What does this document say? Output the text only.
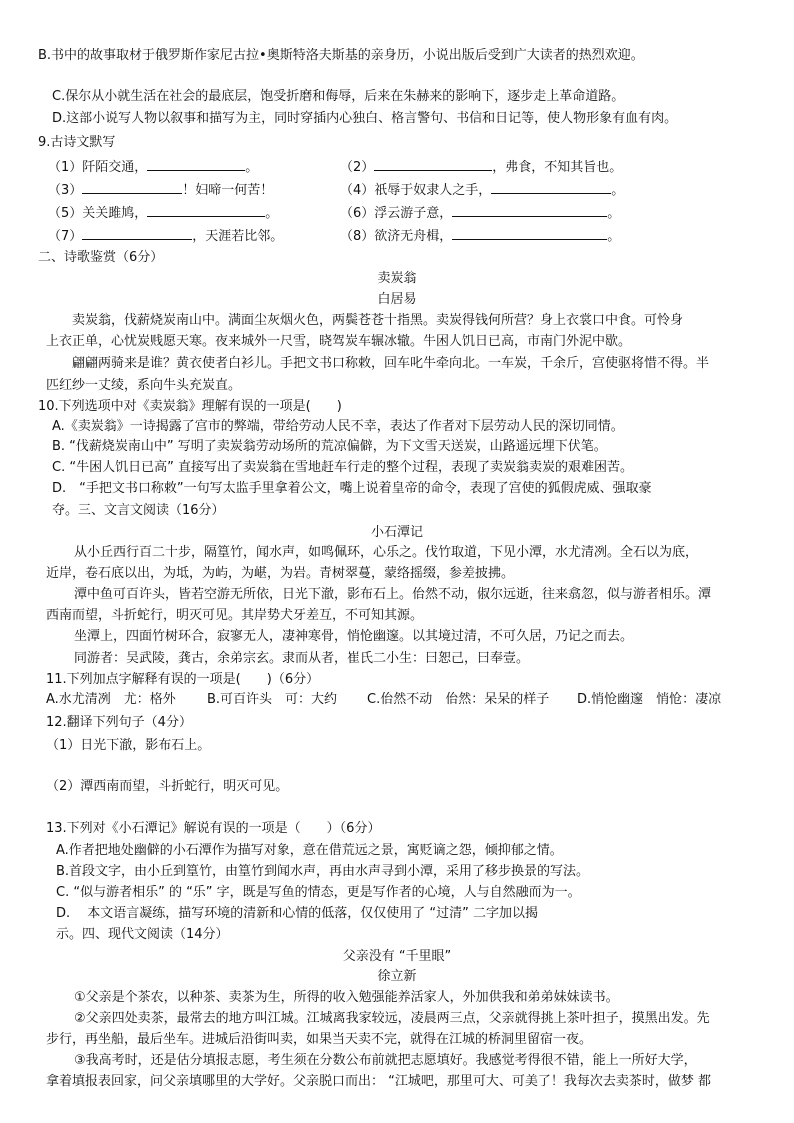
B.书中的故事取材于俄罗斯作家尼古拉•奥斯特洛夫斯基的亲身历，小说出版后受到广大读者的热烈欢迎。
C.保尔从小就生活在社会的最底层，饱受折磨和侮辱，后来在朱赫来的影响下，逐步走上革命道路。
D.这部小说写人物以叙事和描写为主，同时穿插内心独白、格言警句、书信和日记等，使人物形象有血有肉。
9.古诗文默写
（1）阡陌交通，	。	（2）	，弗食，不知其旨也。
（3）	！妇啼一何苦！	（4）祇辱于奴隶人之手，	。
（5）关关雎鸠，	。	（6）浮云游子意，	。
（7）	，天涯若比邻。	（8）欲济无舟楫，	。
二、诗歌鉴赏（6分）
卖炭翁
白居易
卖炭翁，伐薪烧炭南山中。满面尘灰烟火色，两鬓苍苍十指黑。卖炭得钱何所营？身上衣裳口中食。可怜身
上衣正单，心忧炭贱愿天寒。夜来城外一尺雪，晓驾炭车辗冰辙。牛困人饥日已高，市南门外泥中歇。
翩翩两骑来是谁？黄衣使者白衫儿。手把文书口称敕，回车叱牛牵向北。一车炭，千余斤，宫使驱将惜不得。半
匹红纱一丈绫，系向牛头充炭直。
10.下列选项中对《卖炭翁》理解有误的一项是(　　)
A.《卖炭翁》一诗揭露了宫市的弊端，带给劳动人民不幸，表达了作者对下层劳动人民的深切同情。
B. “伐薪烧炭南山中” 写明了卖炭翁劳动场所的荒凉偏僻，为下文雪天送炭，山路遥远埋下伏笔。
C. “牛困人饥日已高” 直接写出了卖炭翁在雪地赶车行走的整个过程，表现了卖炭翁卖炭的艰难困苦。
D.　“手把文书口称敕”一句写太监手里拿着公文，嘴上说着皇帝的命令，表现了宫使的狐假虎威、强取豪
夺。三、文言文阅读（16分）
小石潭记
从小丘西行百二十步，隔篁竹，闻水声，如鸣佩环，心乐之。伐竹取道，下见小潭，水尤清冽。全石以为底，
近岸，卷石底以出，为坻，为屿，为嵁，为岩。青树翠蔓，蒙络摇缀，参差披拂。
潭中鱼可百许头，皆若空游无所依，日光下澈，影布石上。佁然不动，俶尔远逝，往来翕忽，似与游者相乐。潭
西南而望，斗折蛇行，明灭可见。其岸势犬牙差互，不可知其源。
坐潭上，四面竹树环合，寂寥无人，凄神寒骨，悄怆幽邃。以其境过清，不可久居，乃记之而去。
同游者：吴武陵，龚古，余弟宗玄。隶而从者，崔氏二小生：曰恕己，曰奉壹。
11.下列加点字解释有误的一项是(　　)（6分）
A.水尤清冽　尤：格外 B.可百许头　可：大约 C.佁然不动　佁然：呆呆的样子 D.悄怆幽邃　悄怆：凄凉
12.翻译下列句子（4分）
（1）日光下澈，影布石上。
（2）潭西南而望，斗折蛇行，明灭可见。
13.下列对《小石潭记》解说有误的一项是（　　）（6分）
A.作者把地处幽僻的小石潭作为描写对象，意在借荒远之景，寓贬谪之怨，倾抑郁之情。
B.首段文字，由小丘到篁竹，由篁竹到闻水声，再由水声寻到小潭，采用了移步换景的写法。
C. “似与游者相乐” 的 “乐” 字，既是写鱼的情态，更是写作者的心境，人与自然融而为一。
D.　 本文语言凝练，描写环境的清新和心情的低落，仅仅使用了 “过清” 二字加以揭
示。四、现代文阅读（14分）
父亲没有 “千里眼”
徐立新
①父亲是个茶农，以种茶、卖茶为生，所得的收入勉强能养活家人，外加供我和弟弟妹妹读书。
②父亲四处卖茶，最常去的地方叫江城。江城离我家较远，凌晨两三点，父亲就得挑上茶叶担子，摸黑出发。先
步行，再坐船，最后坐车。进城后沿街叫卖，如果当天卖不完，就得在江城的桥洞里留宿一夜。
③我高考时，还是估分填报志愿，考生须在分数公布前就把志愿填好。我感觉考得很不错，能上一所好大学，
拿着填报表回家，问父亲填哪里的大学好。父亲脱口而出： “江城吧，那里可大、可美了！我每次去卖茶时，做梦 都
